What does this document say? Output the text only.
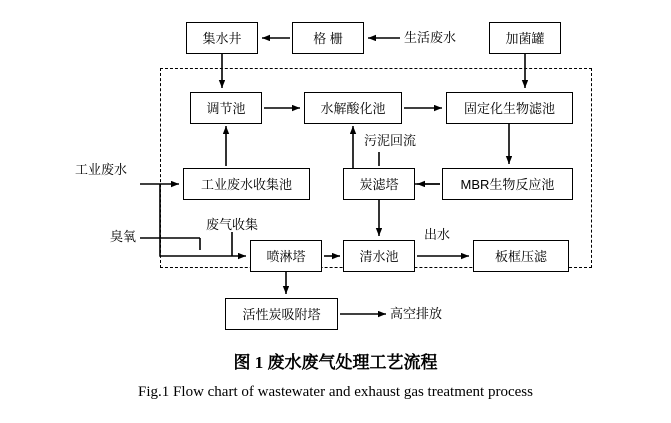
集水井	格 栅	生活废水	加菌罐
调节池	水解酸化池	固定化生物滤池
工业废水收集池	炭滤塔	MBR生物反应池
喷淋塔	清水池	板框压滤
活性炭吸附塔
工业废水
污泥回流
臭氧
废气收集
出水
高空排放
图 1 废水废气处理工艺流程
Fig.1 Flow chart of wastewater and exhaust gas treatment process
